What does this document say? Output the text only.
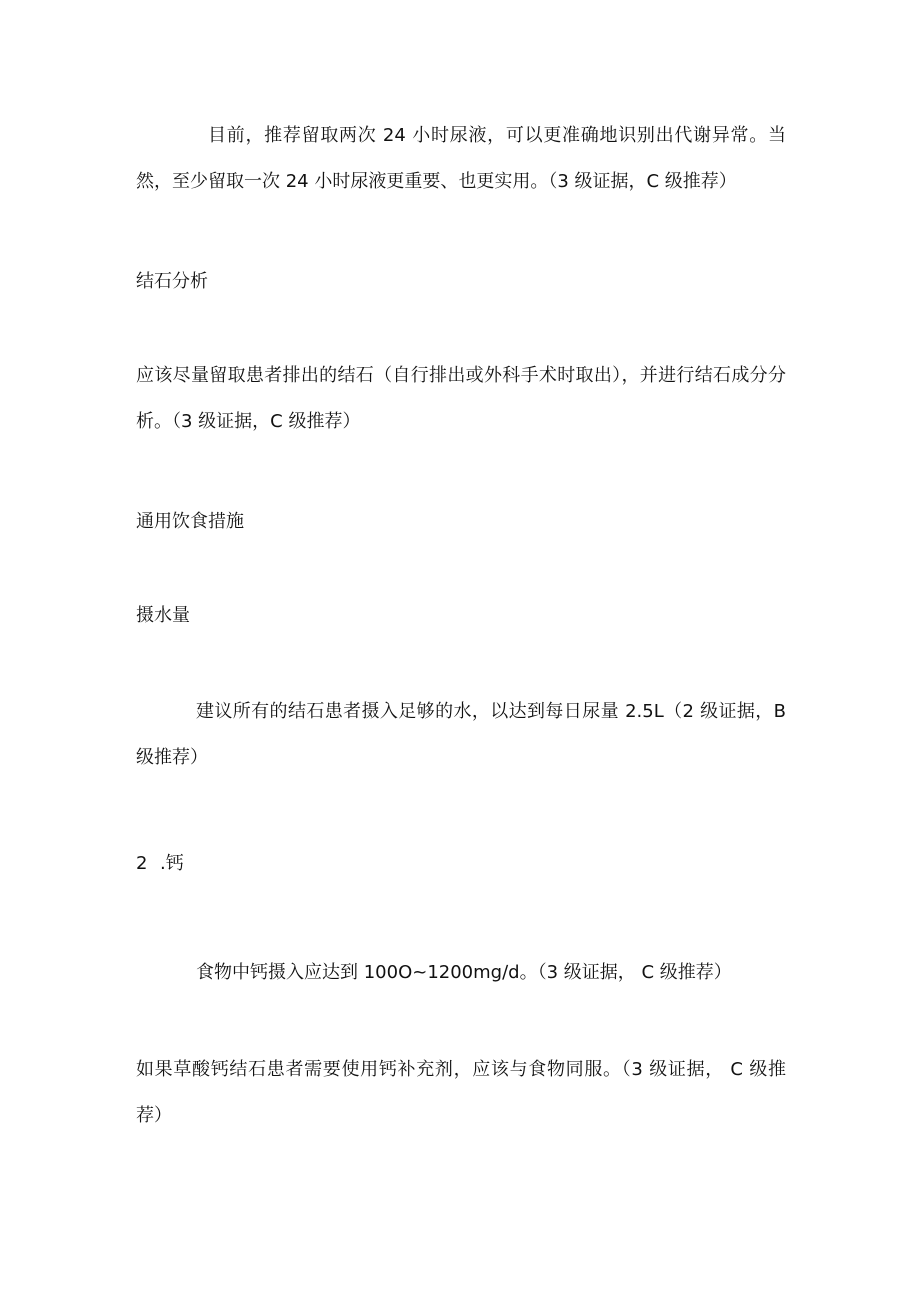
目前，推荐留取两次 24 小时尿液，可以更准确地识别出代谢异常。当然，至少留取一次 24 小时尿液更重要、也更实用。（3 级证据，C 级推荐）

结石分析

应该尽量留取患者排出的结石（自行排出或外科手术时取出），并进行结石成分分析。（3 级证据，C 级推荐）

通用饮食措施
摄水量

建议所有的结石患者摄入足够的水，以达到每日尿量 2.5L（2 级证据，B 级推荐）

2 .钙

食物中钙摄入应达到 100O~1200mg∕d。（3 级证据， C 级推荐）

如果草酸钙结石患者需要使用钙补充剂，应该与食物同服。（3 级证据， C 级推荐）
